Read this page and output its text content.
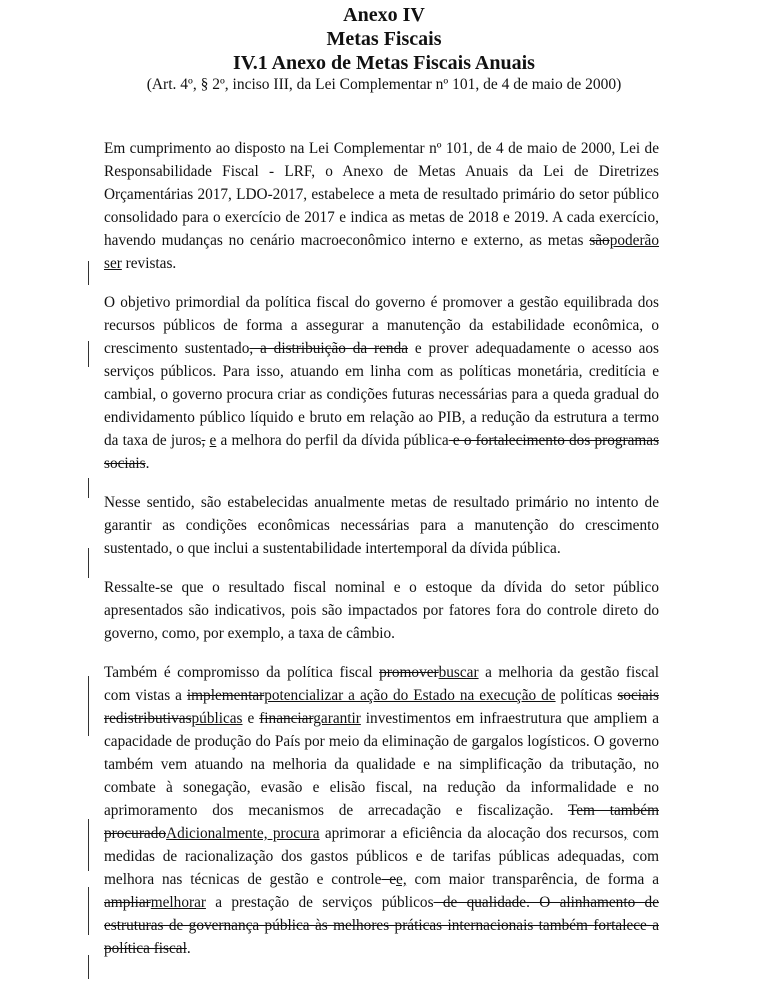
Anexo IV
Metas Fiscais
IV.1 Anexo de Metas Fiscais Anuais
(Art. 4º, § 2º, inciso III, da Lei Complementar nº 101, de 4 de maio de 2000)

Em cumprimento ao disposto na Lei Complementar nº 101, de 4 de maio de 2000, Lei de Responsabilidade Fiscal - LRF, o Anexo de Metas Anuais da Lei de Diretrizes Orçamentárias 2017, LDO-2017, estabelece a meta de resultado primário do setor público consolidado para o exercício de 2017 e indica as metas de 2018 e 2019. A cada exercício, havendo mudanças no cenário macroeconômico interno e externo, as metas sãopoderão ser revistas.

O objetivo primordial da política fiscal do governo é promover a gestão equilibrada dos recursos públicos de forma a assegurar a manutenção da estabilidade econômica, o crescimento sustentado, a distribuição da renda e prover adequadamente o acesso aos serviços públicos. Para isso, atuando em linha com as políticas monetária, creditícia e cambial, o governo procura criar as condições futuras necessárias para a queda gradual do endividamento público líquido e bruto em relação ao PIB, a redução da estrutura a termo da taxa de juros, e a melhora do perfil da dívida pública e o fortalecimento dos programas sociais.

Nesse sentido, são estabelecidas anualmente metas de resultado primário no intento de garantir as condições econômicas necessárias para a manutenção do crescimento sustentado, o que inclui a sustentabilidade intertemporal da dívida pública.

Ressalte-se que o resultado fiscal nominal e o estoque da dívida do setor público apresentados são indicativos, pois são impactados por fatores fora do controle direto do governo, como, por exemplo, a taxa de câmbio.

Também é compromisso da política fiscal promoverbuscar a melhoria da gestão fiscal com vistas a implementarpotencializar a ação do Estado na execução de políticas sociais redistributivaspúblicas e financiargarantir investimentos em infraestrutura que ampliem a capacidade de produção do País por meio da eliminação de gargalos logísticos. O governo também vem atuando na melhoria da qualidade e na simplificação da tributação, no combate à sonegação, evasão e elisão fiscal, na redução da informalidade e no aprimoramento dos mecanismos de arrecadação e fiscalização. Tem também procuradoAdicionalmente, procura aprimorar a eficiência da alocação dos recursos, com medidas de racionalização dos gastos públicos e de tarifas públicas adequadas, com melhora nas técnicas de gestão e controle ee, com maior transparência, de forma a ampliarmelhorar a prestação de serviços públicos de qualidade. O alinhamento de estruturas de governança pública às melhores práticas internacionais também fortalece a política fiscal.
